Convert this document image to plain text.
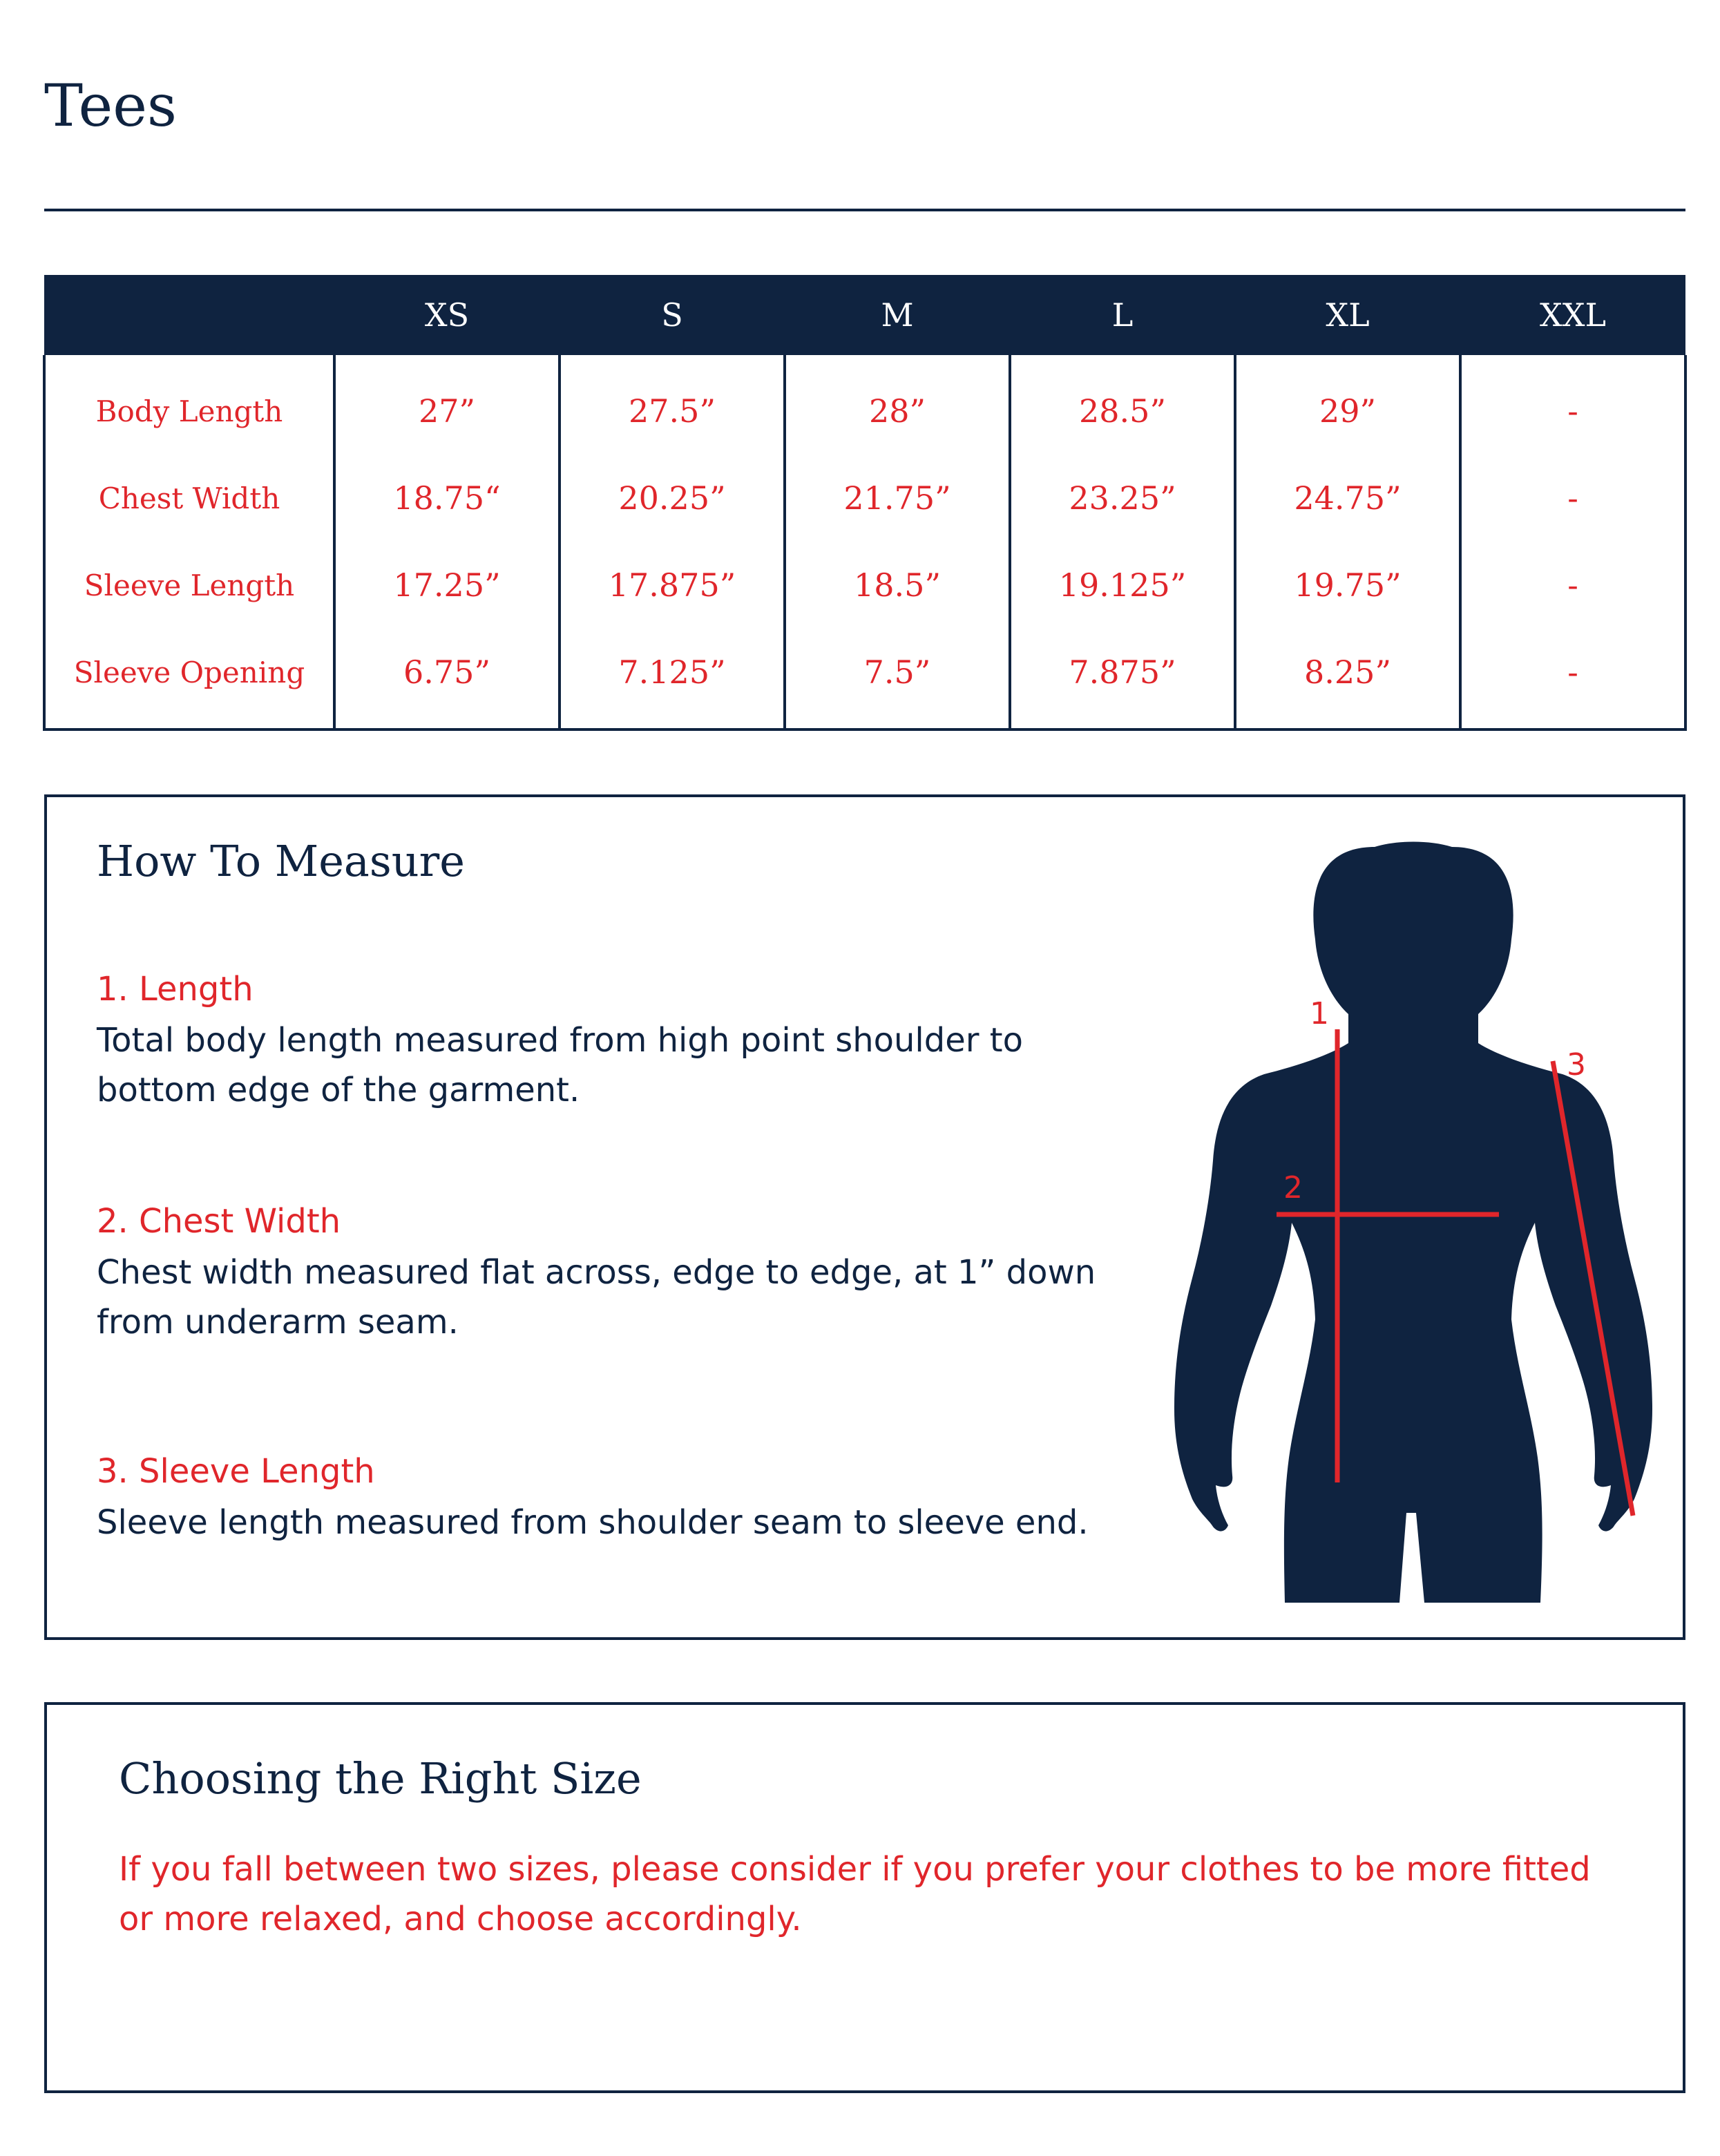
Tees
	XS	S	M	L	XL	XXL
Body Length	27”	27.5”	28”	28.5”	29”	-
Chest Width	18.75“	20.25”	21.75”	23.25”	24.75”	-
Sleeve Length	17.25”	17.875”	18.5”	19.125”	19.75”	-
Sleeve Opening	6.75”	7.125”	7.5”	7.875”	8.25”	-
How To Measure

1. Length

Total body length measured from high point shoulder to bottom edge of the garment.

2. Chest Width

Chest width measured flat across, edge to edge, at 1” down from underarm seam.

3. Sleeve Length

Sleeve length measured from shoulder seam to sleeve end.

1
2
3
Choosing the Right Size

If you fall between two sizes, please consider if you prefer your clothes to be more fitted or more relaxed, and choose accordingly.
